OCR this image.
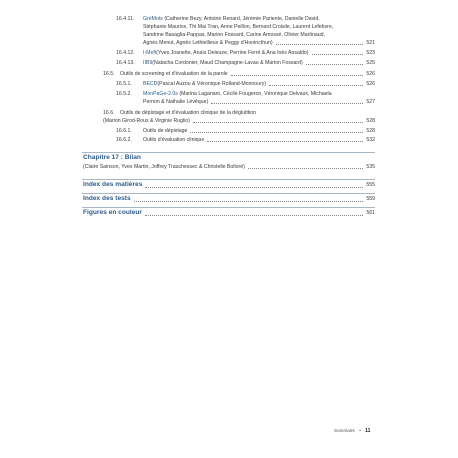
16.4.11. GréMots (Catherine Bezy, Antoine Renard, Jérémie Pariente, Danielle David,
Stéphanie Maurice, Thi Mai Tran, Anne Peillon, Bernard Croisile, Laurent Lefebvre,
Sandrine Basaglia-Pappas, Marion Fossard, Carine Amossé, Olivier Martinaud,
Agnès Menut, Agnès Lethiellieux & Peggy d'Honincthun)	521
16.4.12. I-Meft (Yves Joanette, Anaïs Deleuze, Perrine Ferré & Ana Inès Ansaldo)	523
16.4.13. IIB9 (Natacha Cordonier, Maud Champagne-Lavau & Marion Fossard)	525
16.5. Outils de screening et d'évaluation de la parole	526
16.5.1. BECD (Pascal Auzou & Véronique Rolland-Monnoury)	526
16.5.2. MonPaGe-2.0s (Marina Laganaro, Cécile Fougeron, Véronique Delvaux, Michaela
Pernon & Nathalie Lévêque)	527
16.6. Outils de dépistage et d'évaluation clinique de la déglutition
(Marion Girod-Roux & Virginie Ruglio)	528
16.6.1. Outils de dépistage	528
16.6.2. Outils d'évaluation clinique	532
Chapitre 17 : Bilan
(Claire Sainson, Yves Martin, Joffrey Trauchessec & Christelle Bolloré)	535
Index des matières	555
Index des tests	559
Figures en couleur	561
Sommaire • 11
